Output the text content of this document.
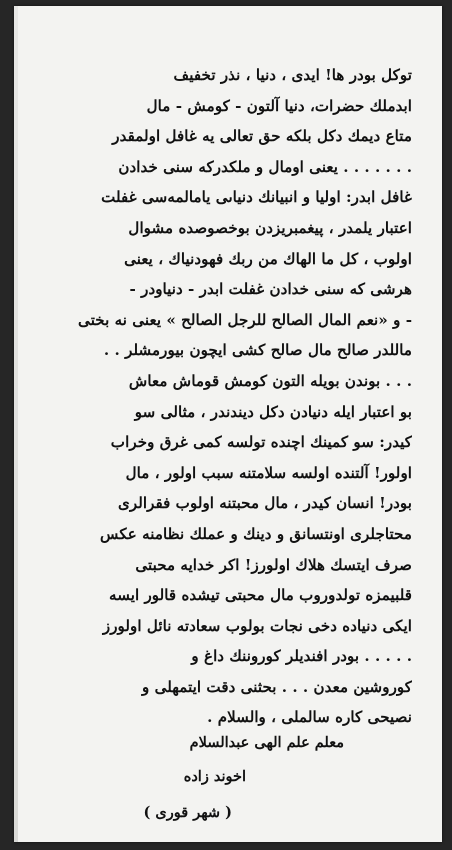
توكل بودر ها! ايدى ، دنيا ، نذر تخفيف
ابدملك حضرات، دنيا آلتون - كومش - مال
متاع دیمك دكل بلكه حق تعالى يه غافل اولمقدر
. . . . . . . يعنى اوﻣﺎﻝ و ملكدركه سنى خدادن
غافل ابدر: اوليا و انبيانك دنياىی ياﻣﺎﻟﻤﻪسى ﻏﻔﻠﺖ
اعتبار يلمدر ، پيغمبريزدن بوخصوصده مشوال
اولوب ، كل ما الهاك من ربك فهودنياك ، يعنى
هرشى كه سنى خدادن غفلت ابدر - دنیاودر -
- و «نعم المال الصالح للرجل الصالح » يعنى نه بختى
ماللدر صالح مال صالح كشى ايچون بيورمشلر . .
. . . بوندن بويله التون كومش قوماش معاش
بو اعتبار ايله دنيادن دكل ديندندر ، مثالى سو
كيدر: سو كمينك اچنده تولسه كمى غرق وخراب
اولور! آلتنده اولسه سلامتنه سبب اولور ، مال
بودر! انسان كيدر ، مال محبتنه اولوب فقرالرى
محتاجلرى اونتسانق و دينك و عملك نظامنه عكس
صرف ايتسك هلاك اولورز! اكر خدايه محبتى
قلبيمزه تولدوروب مال محبتى تيشده قالور ايسه
ايكى دنياده دخى نجات بولوب سعادته نائل اولورز
. . . . . بودر افنديلر كوروننك داغ و
كوروشين معدن . . . بحثنى دقت ايتمهلى و
نصيحى كاره سالملى ، والسلام .
معلم علم الهى عبدالسلام
اخوند زاده
( شهر قورى )
